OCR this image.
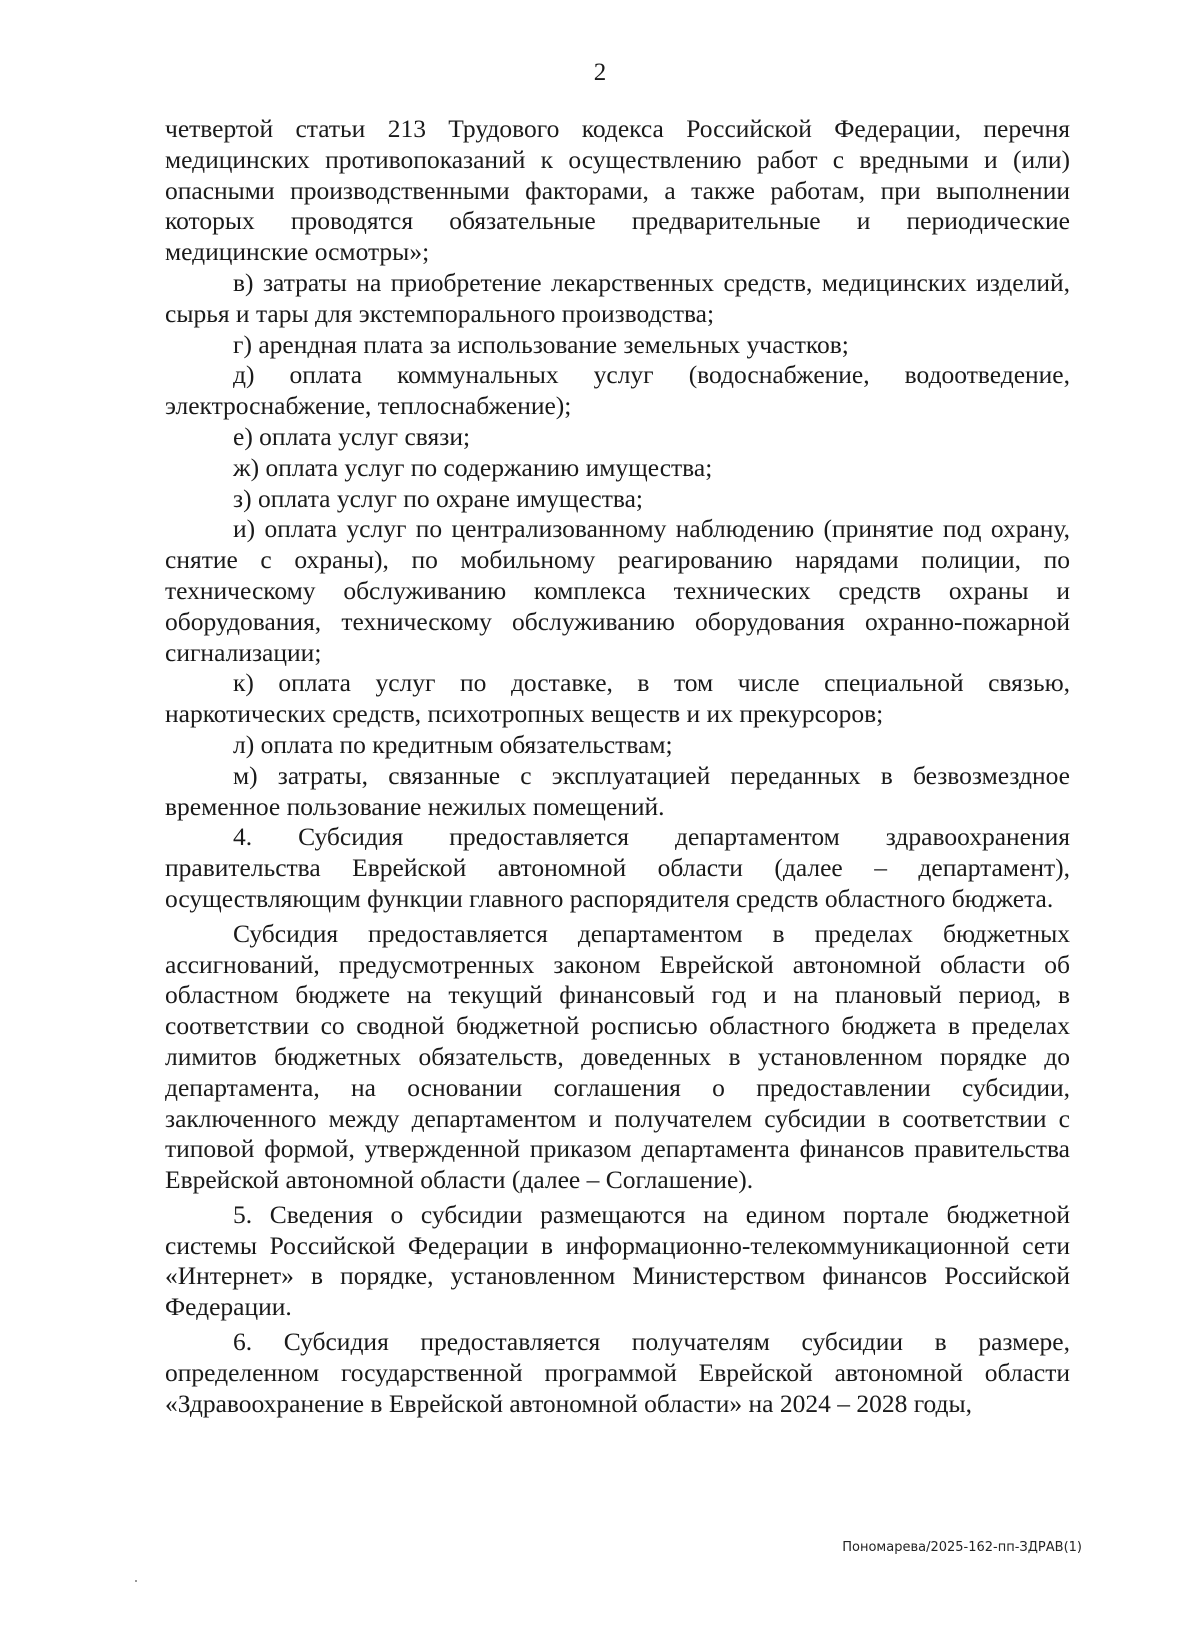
2

четвертой статьи 213 Трудового кодекса Российской Федерации, перечня медицинских противопоказаний к осуществлению работ с вредными и (или) опасными производственными факторами, а также работам, при выполнении которых проводятся обязательные предварительные и периодические медицинские осмотры»;

в) затраты на приобретение лекарственных средств, медицинских изделий, сырья и тары для экстемпорального производства;

г) арендная плата за использование земельных участков;

д) оплата коммунальных услуг (водоснабжение, водоотведение, электроснабжение, теплоснабжение);

е) оплата услуг связи;

ж) оплата услуг по содержанию имущества;

з) оплата услуг по охране имущества;

и) оплата услуг по централизованному наблюдению (принятие под охрану, снятие с охраны), по мобильному реагированию нарядами полиции, по техническому обслуживанию комплекса технических средств охраны и оборудования, техническому обслуживанию оборудования охранно-пожарной сигнализации;

к) оплата услуг по доставке, в том числе специальной связью, наркотических средств, психотропных веществ и их прекурсоров;

л) оплата по кредитным обязательствам;

м) затраты, связанные с эксплуатацией переданных в безвозмездное временное пользование нежилых помещений.

4. Субсидия предоставляется департаментом здравоохранения правительства Еврейской автономной области (далее – департамент), осуществляющим функции главного распорядителя средств областного бюджета.

Субсидия предоставляется департаментом в пределах бюджетных ассигнований, предусмотренных законом Еврейской автономной области об областном бюджете на текущий финансовый год и на плановый период, в соответствии со сводной бюджетной росписью областного бюджета в пределах лимитов бюджетных обязательств, доведенных в установленном порядке до департамента, на основании соглашения о предоставлении субсидии, заключенного между департаментом и получателем субсидии в соответствии с типовой формой, утвержденной приказом департамента финансов правительства Еврейской автономной области (далее – Соглашение).

5. Сведения о субсидии размещаются на едином портале бюджетной системы Российской Федерации в информационно-телекоммуникационной сети «Интернет» в порядке, установленном Министерством финансов Российской Федерации.

6. Субсидия предоставляется получателям субсидии в размере, определенном государственной программой Еврейской автономной области «Здравоохранение в Еврейской автономной области» на 2024 – 2028 годы,

Пономарева/2025-162-пп-ЗДРАВ(1)
